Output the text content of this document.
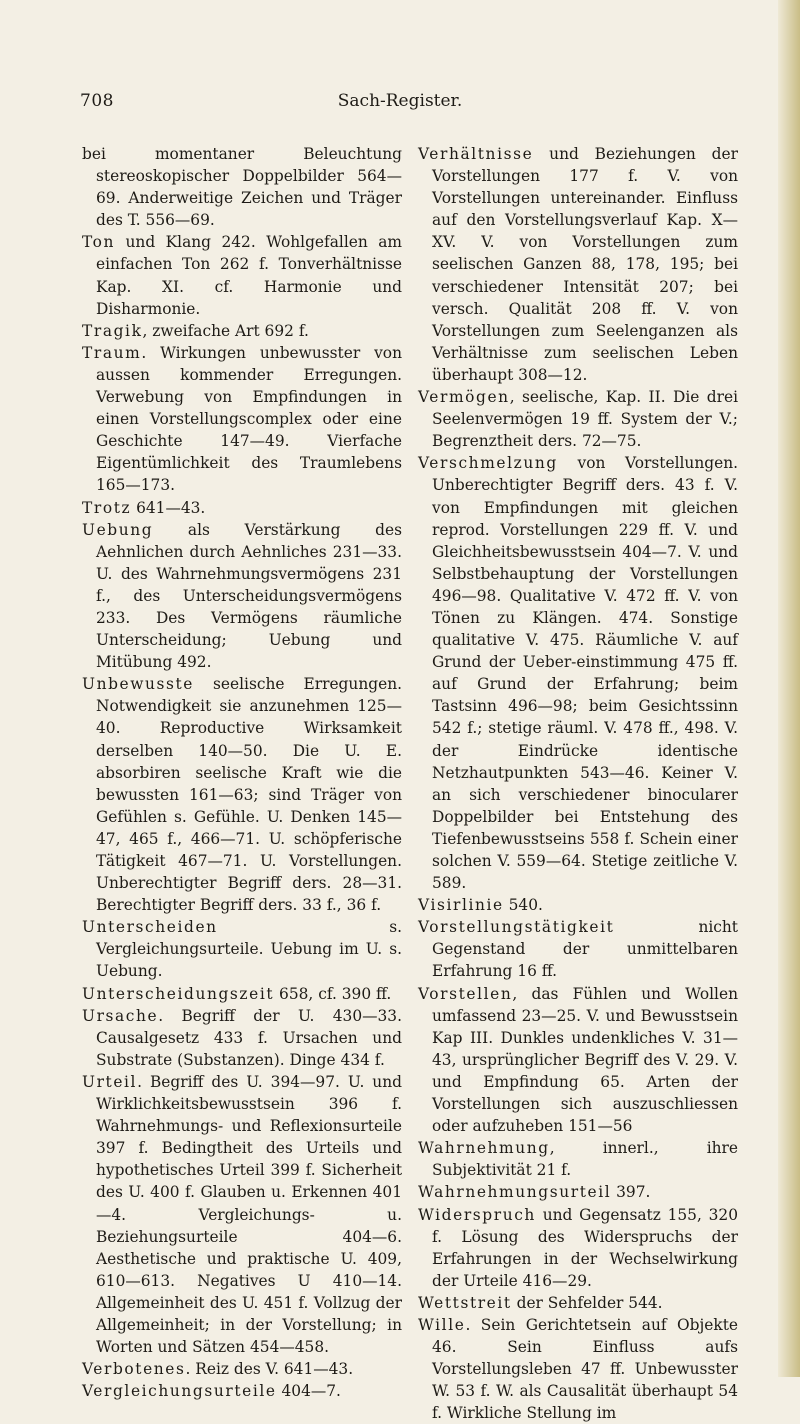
Sach-Register.
708

bei momentaner Beleuchtung stereoskopischer Doppelbilder 564—69. Anderweitige Zeichen und Träger des T. 556—69.

Ton und Klang 242. Wohlgefallen am einfachen Ton 262 f. Tonverhältnisse Kap. XI. cf. Harmonie und Disharmonie.

Tragik, zweifache Art 692 f.

Traum. Wirkungen unbewusster von aussen kommender Erregungen. Verwebung von Empfindungen in einen Vorstellungscomplex oder eine Geschichte 147—49. Vierfache Eigentümlichkeit des Traumlebens 165—173.

Trotz 641—43.

Uebung als Verstärkung des Aehnlichen durch Aehnliches 231—33. U. des Wahrnehmungsvermögens 231 f., des Unterscheidungsvermögens 233. Des Vermögens räumliche Unterscheidung; Uebung und Mitübung 492.

Unbewusste seelische Erregungen. Notwendigkeit sie anzunehmen 125—40. Reproductive Wirksamkeit derselben 140—50. Die U. E. absorbiren seelische Kraft wie die bewussten 161—63; sind Träger von Gefühlen s. Gefühle. U. Denken 145—47, 465 f., 466—71. U. schöpferische Tätigkeit 467—71. U. Vorstellungen. Unberechtigter Begriff ders. 28—31. Berechtigter Begriff ders. 33 f., 36 f.

Unterscheiden s. Vergleichungsurteile. Uebung im U. s. Uebung.

Unterscheidungszeit 658, cf. 390 ff.

Ursache. Begriff der U. 430—33. Causalgesetz 433 f. Ursachen und Substrate (Substanzen). Dinge 434 f.

Urteil. Begriff des U. 394—97. U. und Wirklichkeitsbewusstsein 396 f. Wahrnehmungs- und Reflexionsurteile 397 f. Bedingtheit des Urteils und hypothetisches Urteil 399 f. Sicherheit des U. 400 f. Glauben u. Erkennen 401—4. Vergleichungs- u. Beziehungsurteile 404—6. Aesthetische und praktische U. 409, 610—613. Negatives U 410—14. Allgemeinheit des U. 451 f. Vollzug der Allgemeinheit; in der Vorstellung; in Worten und Sätzen 454—458.

Verbotenes. Reiz des V. 641—43.

Vergleichungsurteile 404—7.

Verhältnisse und Beziehungen der Vorstellungen 177 f. V. von Vorstellungen untereinander. Einfluss auf den Vorstellungsverlauf Kap. X—XV. V. von Vorstellungen zum seelischen Ganzen 88, 178, 195; bei verschiedener Intensität 207; bei versch. Qualität 208 ff. V. von Vorstellungen zum Seelenganzen als Verhältnisse zum seelischen Leben überhaupt 308—12.

Vermögen, seelische, Kap. II. Die drei Seelenvermögen 19 ff. System der V.; Begrenztheit ders. 72—75.

Verschmelzung von Vorstellungen. Unberechtigter Begriff ders. 43 f. V. von Empfindungen mit gleichen reprod. Vorstellungen 229 ff. V. und Gleichheitsbewusstsein 404—7. V. und Selbstbehauptung der Vorstellungen 496—98. Qualitative V. 472 ff. V. von Tönen zu Klängen. 474. Sonstige qualitative V. 475. Räumliche V. auf Grund der Ueber-einstimmung 475 ff. auf Grund der Erfahrung; beim Tastsinn 496—98; beim Gesichtssinn 542 f.; stetige räuml. V. 478 ff., 498. V. der Eindrücke identische Netzhautpunkten 543—46. Keiner V. an sich verschiedener binocularer Doppelbilder bei Entstehung des Tiefenbewusstseins 558 f. Schein einer solchen V. 559—64. Stetige zeitliche V. 589.

Visirlinie 540.

Vorstellungstätigkeit nicht Gegenstand der unmittelbaren Erfahrung 16 ff.

Vorstellen, das Fühlen und Wollen umfassend 23—25. V. und Bewusstsein Kap III. Dunkles undenkliches V. 31—43, ursprünglicher Begriff des V. 29. V. und Empfindung 65. Arten der Vorstellungen sich auszuschliessen oder aufzuheben 151—56

Wahrnehmung, innerl., ihre Subjektivität 21 f.

Wahrnehmungsurteil 397.

Widerspruch und Gegensatz 155, 320 f. Lösung des Widerspruchs der Erfahrungen in der Wechselwirkung der Urteile 416—29.

Wettstreit der Sehfelder 544.

Wille. Sein Gerichtetsein auf Objekte 46. Sein Einfluss aufs Vorstellungsleben 47 ff. Unbewusster W. 53 f. W. als Causalität überhaupt 54 f. Wirkliche Stellung im
